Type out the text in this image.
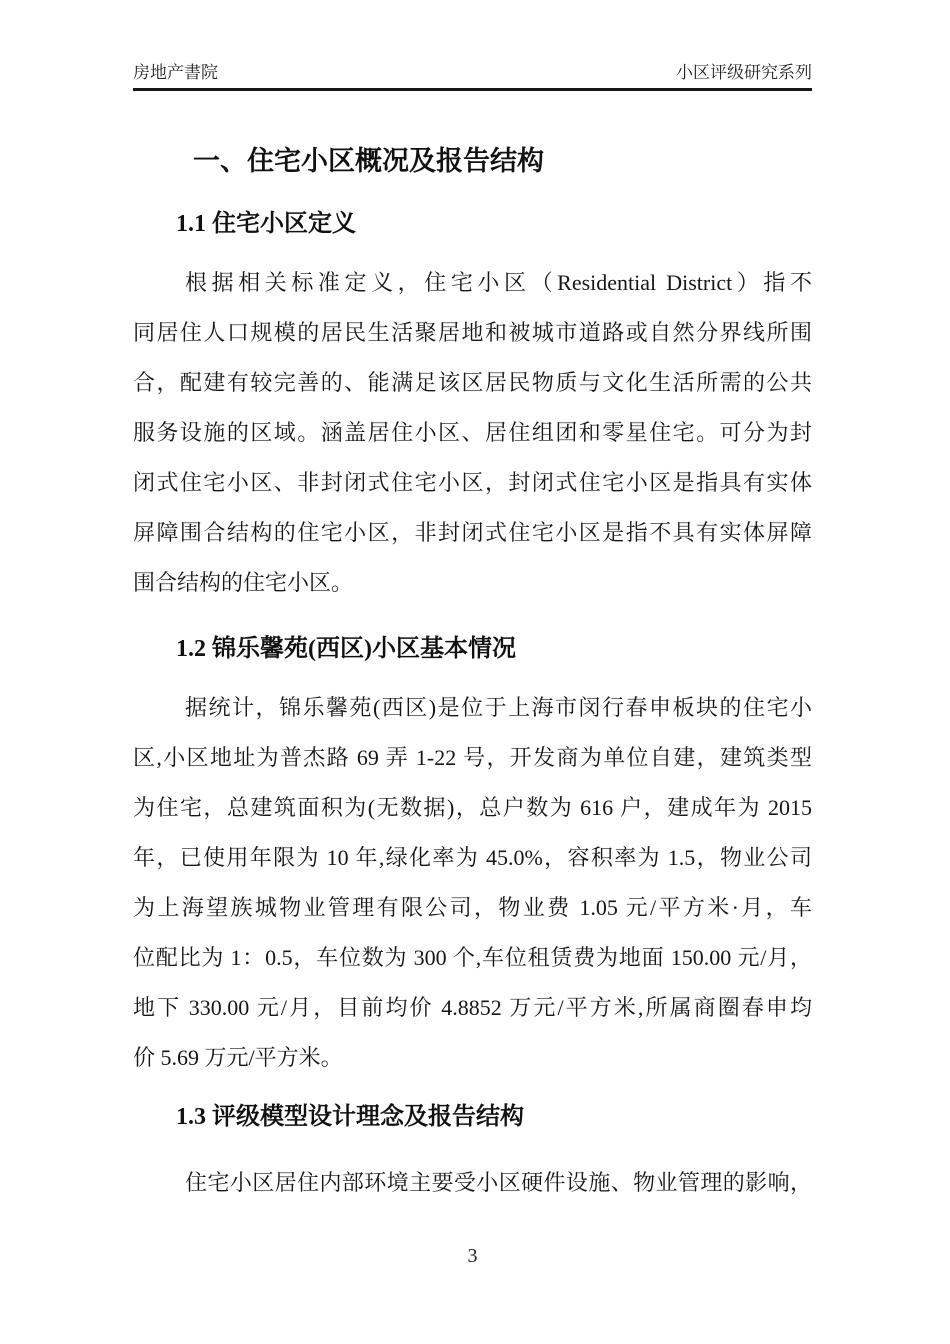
房地产書院	小区评级研究系列
一、住宅小区概况及报告结构
1.1 住宅小区定义
根据相关标准定义，住宅小区（Residential District）指不
同居住人口规模的居民生活聚居地和被城市道路或自然分界线所围
合，配建有较完善的、能满足该区居民物质与文化生活所需的公共
服务设施的区域。涵盖居住小区、居住组团和零星住宅。可分为封
闭式住宅小区、非封闭式住宅小区，封闭式住宅小区是指具有实体
屏障围合结构的住宅小区，非封闭式住宅小区是指不具有实体屏障
围合结构的住宅小区。
1.2 锦乐馨苑(西区)小区基本情况
据统计，锦乐馨苑(西区)是位于上海市闵行春申板块的住宅小
区,小区地址为普杰路 69 弄 1-22 号，开发商为单位自建，建筑类型
为住宅，总建筑面积为(无数据)，总户数为 616 户，建成年为 2015
年，已使用年限为 10 年,绿化率为 45.0%，容积率为 1.5，物业公司
为上海望族城物业管理有限公司，物业费 1.05 元/平方米·月，车
位配比为 1：0.5，车位数为 300 个,车位租赁费为地面 150.00 元/月，
地下 330.00 元/月，目前均价 4.8852 万元/平方米,所属商圈春申均
价 5.69 万元/平方米。
1.3 评级模型设计理念及报告结构
住宅小区居住内部环境主要受小区硬件设施、物业管理的影响，
3
